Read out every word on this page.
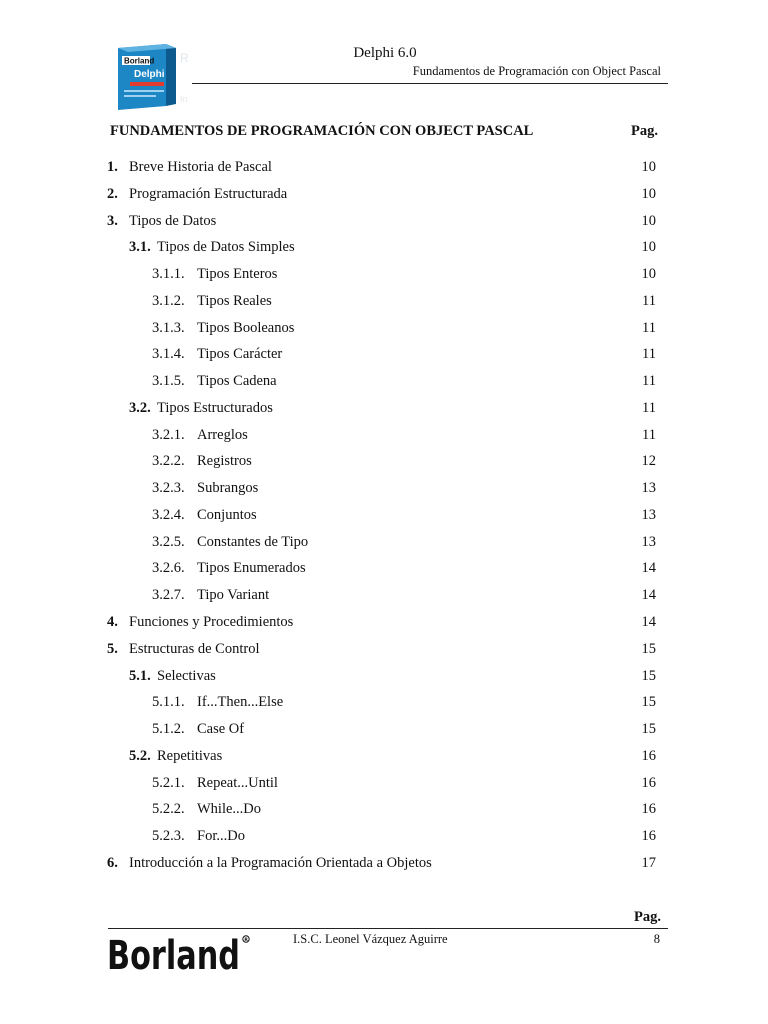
Borland
Delphi
R
In
Delphi 6.0
Fundamentos de Programación con Object Pascal
FUNDAMENTOS DE PROGRAMACIÓN CON OBJECT PASCAL	Pag.
1. Breve Historia de Pascal	10
2. Programación Estructurada	10
3. Tipos de Datos	10
3.1. Tipos de Datos Simples	10
3.1.1. Tipos Enteros	10
3.1.2. Tipos Reales	11
3.1.3. Tipos Booleanos	11
3.1.4. Tipos Carácter	11
3.1.5. Tipos Cadena	11
3.2. Tipos Estructurados	11
3.2.1. Arreglos	11
3.2.2. Registros	12
3.2.3. Subrangos	13
3.2.4. Conjuntos	13
3.2.5. Constantes de Tipo	13
3.2.6. Tipos Enumerados	14
3.2.7. Tipo Variant	14
4. Funciones y Procedimientos	14
5. Estructuras de Control	15
5.1. Selectivas	15
5.1.1. If...Then...Else	15
5.1.2. Case Of	15
5.2. Repetitivas	16
5.2.1. Repeat...Until	16
5.2.2. While...Do	16
5.2.3. For...Do	16
6. Introducción a la Programación Orientada a Objetos	17
Pag.
Borland R	I.S.C. Leonel Vázquez Aguirre	8
